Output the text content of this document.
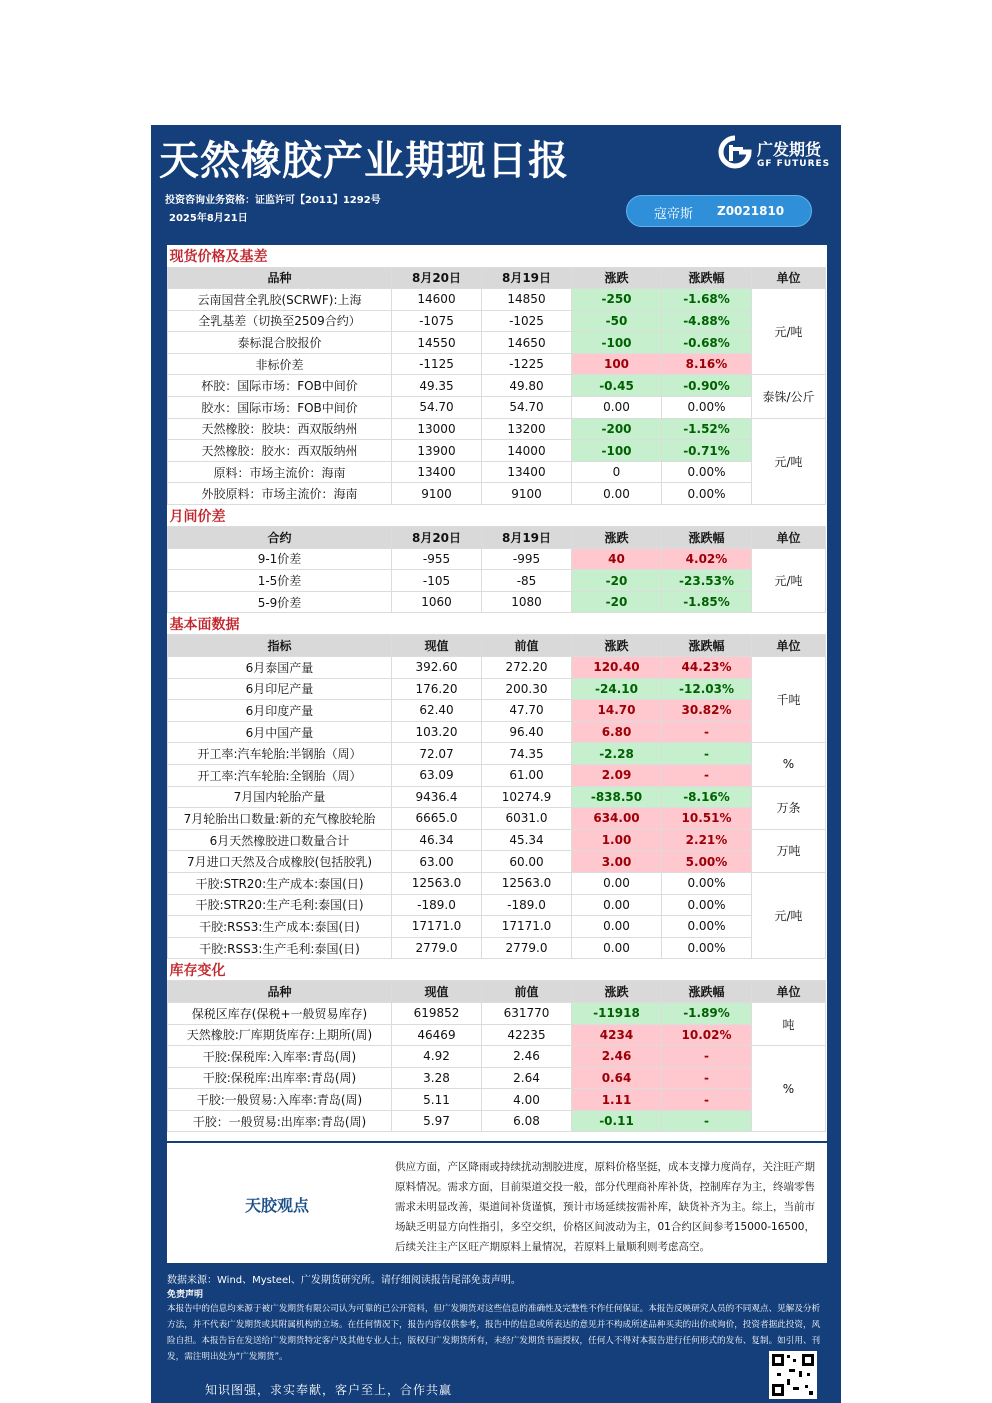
天然橡胶产业期现日报	广发期货
GF FUTURES
投资咨询业务资格：证监许可【2011】1292号
2025年8月21日	寇帝斯 Z0021810
现货价格及基差					
品种	8月20日	8月19日	涨跌	涨跌幅	单位
云南国营全乳胶(SCRWF):上海	14600	14850	-250	-1.68%	元/吨
全乳基差（切换至2509合约）	-1075	-1025	-50	-4.88%	
泰标混合胶报价	14550	14650	-100	-0.68%	
非标价差	-1125	-1225	100	8.16%	
杯胶：国际市场：FOB中间价	49.35	49.80	-0.45	-0.90%	泰铢/公斤
胶水：国际市场：FOB中间价	54.70	54.70	0.00	0.00%	
天然橡胶：胶块：西双版纳州	13000	13200	-200	-1.52%	元/吨
天然橡胶：胶水：西双版纳州	13900	14000	-100	-0.71%	
原料：市场主流价：海南	13400	13400	0	0.00%	
外胶原料：市场主流价：海南	9100	9100	0.00	0.00%	
月间价差					
合约	8月20日	8月19日	涨跌	涨跌幅	单位
9-1价差	-955	-995	40	4.02%	元/吨
1-5价差	-105	-85	-20	-23.53%	
5-9价差	1060	1080	-20	-1.85%	
基本面数据					
指标	现值	前值	涨跌	涨跌幅	单位
6月泰国产量	392.60	272.20	120.40	44.23%	千吨
6月印尼产量	176.20	200.30	-24.10	-12.03%	
6月印度产量	62.40	47.70	14.70	30.82%	
6月中国产量	103.20	96.40	6.80	-	
开工率:汽车轮胎:半钢胎（周）	72.07	74.35	-2.28	-	%
开工率:汽车轮胎:全钢胎（周）	63.09	61.00	2.09	-	
7月国内轮胎产量	9436.4	10274.9	-838.50	-8.16%	万条
7月轮胎出口数量:新的充气橡胶轮胎	6665.0	6031.0	634.00	10.51%	
6月天然橡胶进口数量合计	46.34	45.34	1.00	2.21%	万吨
7月进口天然及合成橡胶(包括胶乳)	63.00	60.00	3.00	5.00%	
干胶:STR20:生产成本:泰国(日)	12563.0	12563.0	0.00	0.00%	元/吨
干胶:STR20:生产毛利:泰国(日)	-189.0	-189.0	0.00	0.00%	
干胶:RSS3:生产成本:泰国(日)	17171.0	17171.0	0.00	0.00%	
干胶:RSS3:生产毛利:泰国(日)	2779.0	2779.0	0.00	0.00%	
库存变化					
品种	现值	前值	涨跌	涨跌幅	单位
保税区库存(保税+一般贸易库存)	619852	631770	-11918	-1.89%	吨
天然橡胶:厂库期货库存:上期所(周)	46469	42235	4234	10.02%	
干胶:保税库:入库率:青岛(周)	4.92	2.46	2.46	-	%
干胶:保税库:出库率:青岛(周)	3.28	2.64	0.64	-	
干胶:一般贸易:入库率:青岛(周)	5.11	4.00	1.11	-	
干胶：一般贸易:出库率:青岛(周)	5.97	6.08	-0.11	-	
天胶观点
供应方面，产区降雨或持续扰动割胶进度，原料价格坚挺，成本支撑力度尚存，关注旺产期原料情况。需求方面，目前渠道交投一般，部分代理商补库补货，控制库存为主，终端零售需求未明显改善，渠道间补货谨慎，预计市场延续按需补库，缺货补齐为主。综上，当前市场缺乏明显方向性指引，多空交织，价格区间波动为主，01合约区间参考15000-16500，后续关注主产区旺产期原料上量情况，若原料上量顺利则考虑高空。
数据来源：Wind、Mysteel、广发期货研究所。请仔细阅读报告尾部免责声明。
免责声明
本报告中的信息均来源于被广发期货有限公司认为可靠的已公开资料，但广发期货对这些信息的准确性及完整性不作任何保证。本报告反映研究人员的不同观点、见解及分析方法，并不代表广发期货或其附属机构的立场。在任何情况下，报告内容仅供参考，报告中的信息或所表达的意见并不构成所述品种买卖的出价或询价，投资者据此投资，风险自担。本报告旨在发送给广发期货特定客户及其他专业人士，版权归广发期货所有，未经广发期货书面授权，任何人不得对本报告进行任何形式的发布、复制。如引用、刊发，需注明出处为“广发期货”。
知识图强，求实奉献，客户至上，合作共赢
